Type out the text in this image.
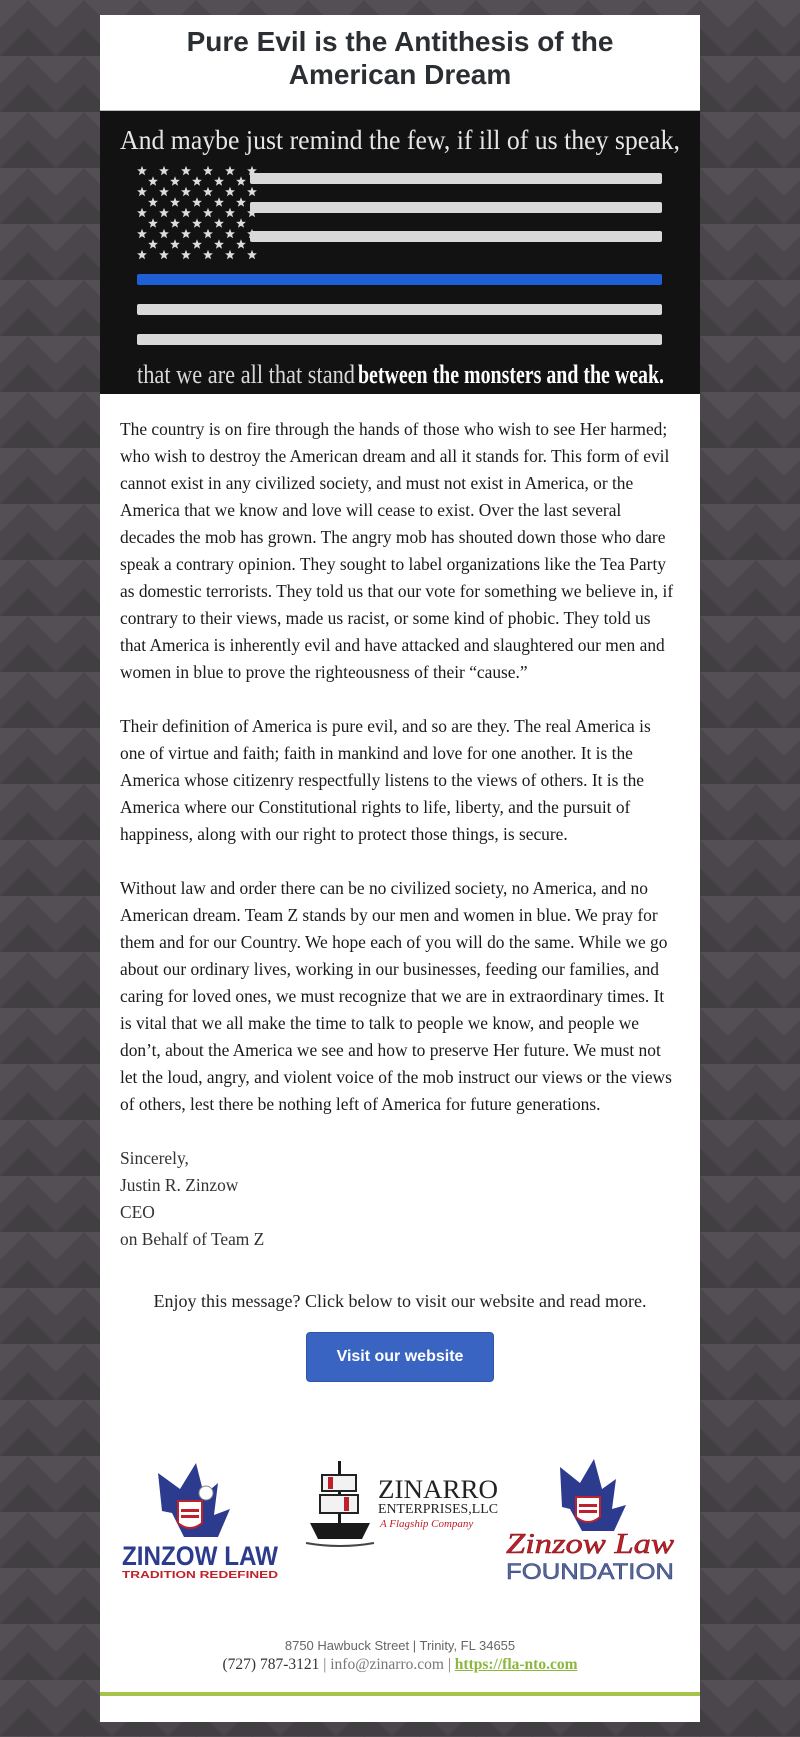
Pure Evil is the Antithesis of the American Dream
And maybe just remind the few, if ill of us they speak,
that we are all that stand between the monsters and the weak.

The country is on fire through the hands of those who wish to see Her harmed; who wish to destroy the American dream and all it stands for. This form of evil cannot exist in any civilized society, and must not exist in America, or the America that we know and love will cease to exist. Over the last several decades the mob has grown. The angry mob has shouted down those who dare speak a contrary opinion. They sought to label organizations like the Tea Party as domestic terrorists. They told us that our vote for something we believe in, if contrary to their views, made us racist, or some kind of phobic. They told us that America is inherently evil and have attacked and slaughtered our men and women in blue to prove the righteousness of their “cause.”

Their definition of America is pure evil, and so are they. The real America is one of virtue and faith; faith in mankind and love for one another. It is the America whose citizenry respectfully listens to the views of others. It is the America where our Constitutional rights to life, liberty, and the pursuit of happiness, along with our right to protect those things, is secure.

Without law and order there can be no civilized society, no America, and no American dream. Team Z stands by our men and women in blue. We pray for them and for our Country. We hope each of you will do the same. While we go about our ordinary lives, working in our businesses, feeding our families, and caring for loved ones, we must recognize that we are in extraordinary times. It is vital that we all make the time to talk to people we know, and people we don’t, about the America we see and how to preserve Her future. We must not let the loud, angry, and violent voice of the mob instruct our views or the views of others, lest there be nothing left of America for future generations.

Sincerely,
Justin R. Zinzow
CEO
on Behalf of Team Z
Enjoy this message? Click below to visit our website and read more.
Visit our website
ZINZOW LAW
TRADITION REDEFINED
ZINARRO
ENTERPRISES,LLC
A Flagship Company
Zinzow Law
FOUNDATION
8750 Hawbuck Street | Trinity, FL 34655
(727) 787-3121 | info@zinarro.com | https://fla-nto.com
